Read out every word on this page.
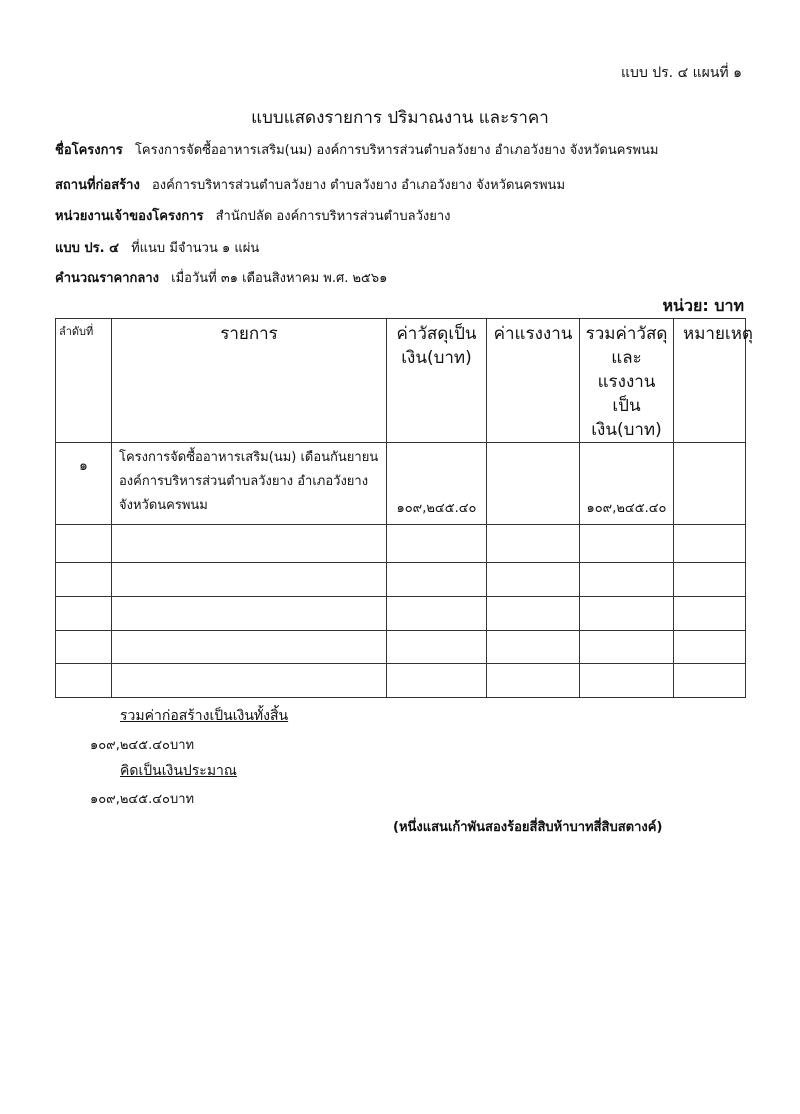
แบบ ปร. ๔ แผนที่ ๑
แบบแสดงรายการ ปริมาณงาน และราคา
ชื่อโครงการ โครงการจัดซื้ออาหารเสริม(นม) องค์การบริหารส่วนตำบลวังยาง อำเภอวังยาง จังหวัดนครพนม
สถานที่ก่อสร้าง องค์การบริหารส่วนตำบลวังยาง ตำบลวังยาง อำเภอวังยาง จังหวัดนครพนม
หน่วยงานเจ้าของโครงการ สำนักปลัด องค์การบริหารส่วนตำบลวังยาง
แบบ ปร. ๔ ที่แนบ มีจำนวน ๑ แผ่น
คำนวณราคากลาง เมื่อวันที่ ๓๑ เดือนสิงหาคม พ.ศ. ๒๕๖๑
หน่วย: บาท
ลำดับที่	รายการ	ค่าวัสดุเป็นเงิน(บาท)	ค่าแรงงาน	รวมค่าวัสดุและแรงงานเป็นเงิน(บาท)	หมายเหตุ
๑	โครงการจัดซื้ออาหารเสริม(นม) เดือนกันยายน
องค์การบริหารส่วนตำบลวังยาง อำเภอวังยาง
จังหวัดนครพนม	๑๐๙,๒๔๕.๔๐		๑๐๙,๒๔๕.๔๐	

รวมค่าก่อสร้างเป็นเงินทั้งสิ้น
๑๐๙,๒๔๕.๔๐บาท
คิดเป็นเงินประมาณ
๑๐๙,๒๔๕.๔๐บาท
(หนึ่งแสนเก้าพันสองร้อยสี่สิบห้าบาทสี่สิบสตางค์)
